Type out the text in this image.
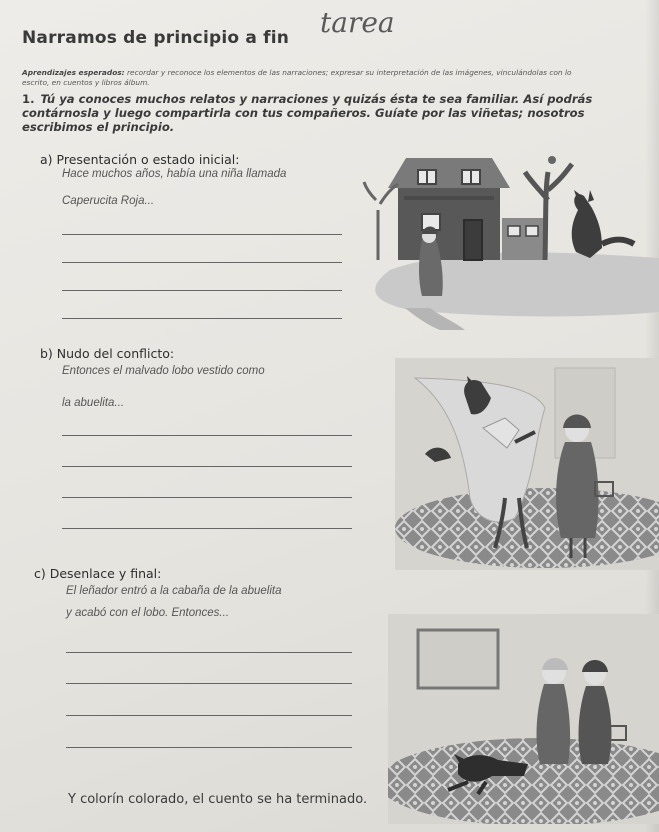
Narramos de principio a fin tarea
Aprendizajes esperados: recordar y reconoce los elementos de las narraciones; expresar su interpretación de las imágenes, vinculándolas con lo escrito, en cuentos y libros álbum.
1. Tú ya conoces muchos relatos y narraciones y quizás ésta te sea familiar. Así podrás contárnosla y luego compartirla con tus compañeros. Guíate por las viñetas; nosotros escribimos el principio.
a) Presentación o estado inicial:
Hace muchos años, había una niña llamada
Caperucita Roja...
b) Nudo del conflicto:
Entonces el malvado lobo vestido como
la abuelita...
c) Desenlace y final:
El leñador entró a la cabaña de la abuelita
y acabó con el lobo. Entonces...
Y colorín colorado, el cuento se ha terminado.
